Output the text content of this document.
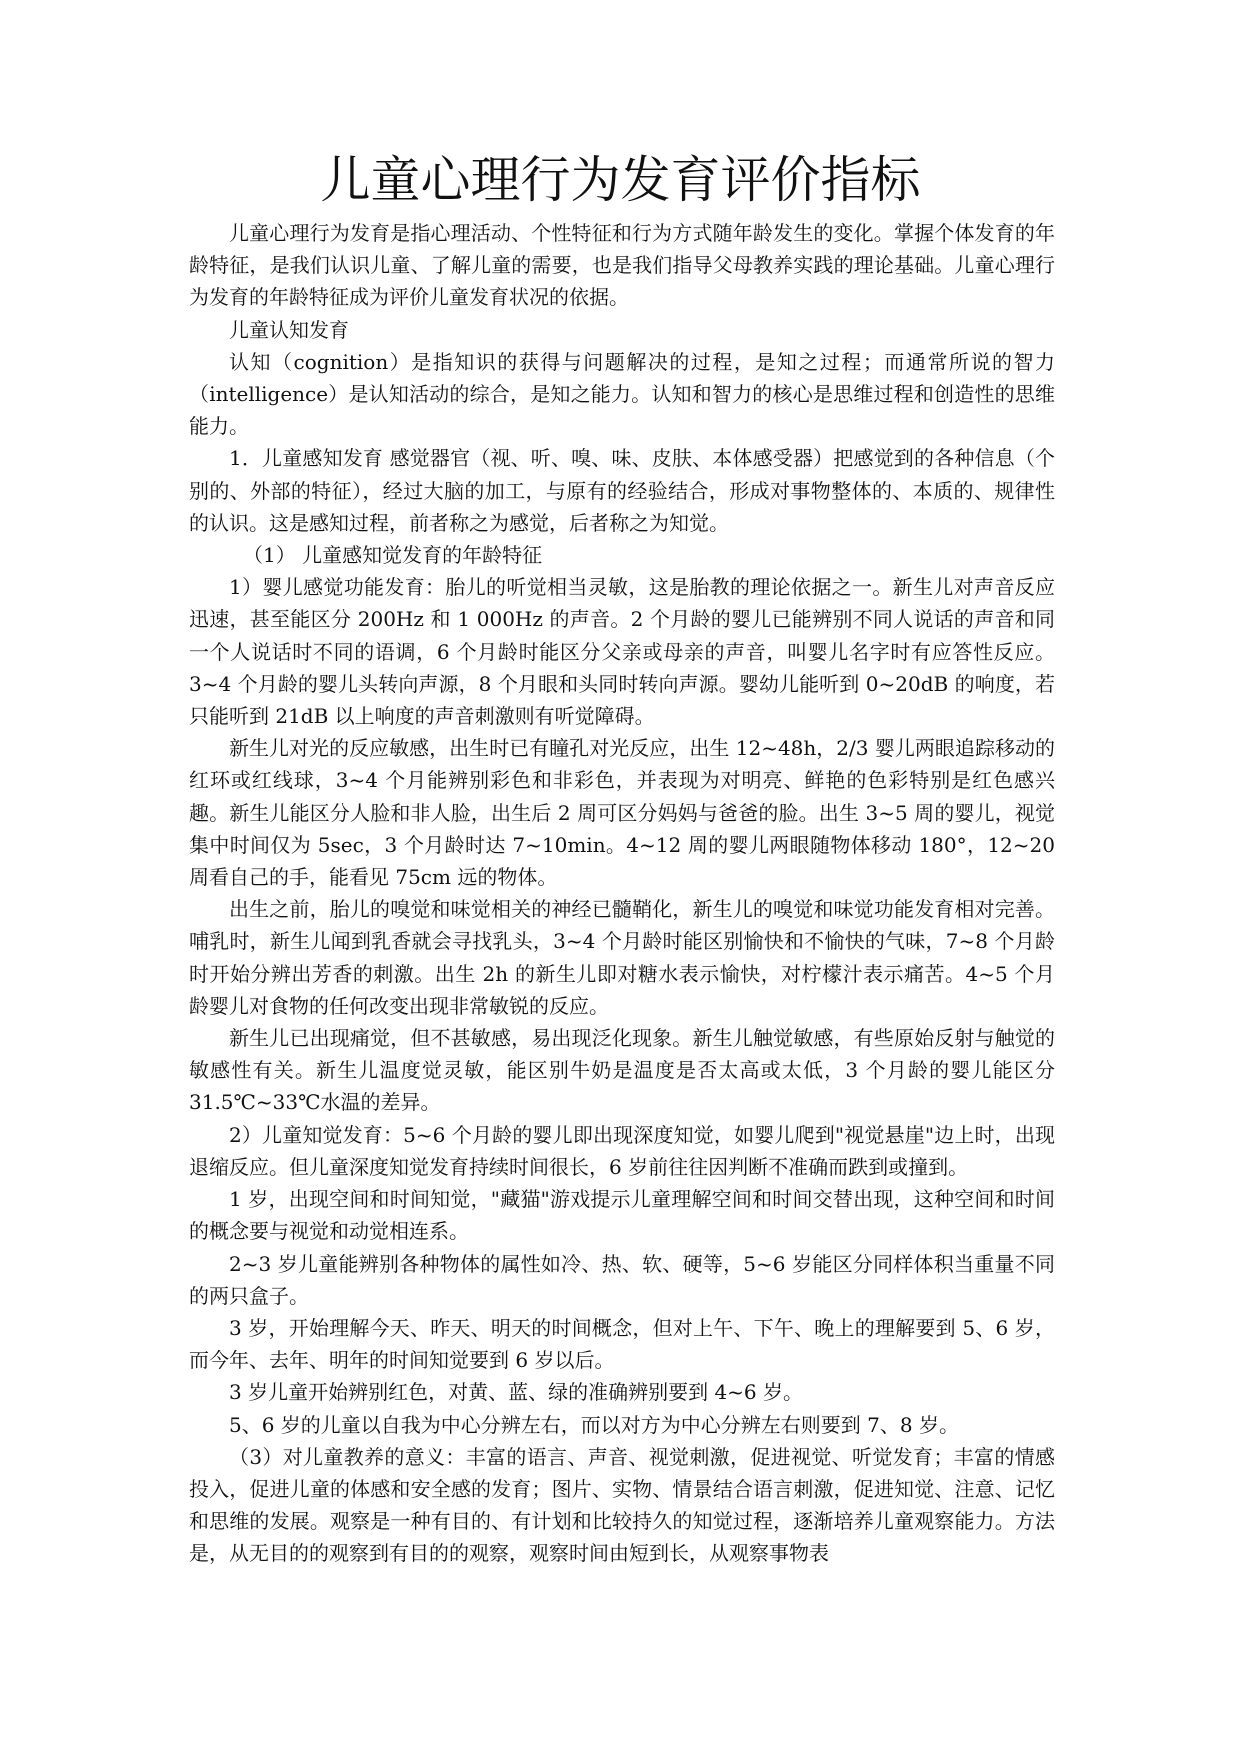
儿童心理行为发育评价指标

儿童心理行为发育是指心理活动、个性特征和行为方式随年龄发生的变化。掌握个体发育的年龄特征，是我们认识儿童、了解儿童的需要，也是我们指导父母教养实践的理论基础。儿童心理行为发育的年龄特征成为评价儿童发育状况的依据。

儿童认知发育

认知（cognition）是指知识的获得与问题解决的过程，是知之过程；而通常所说的智力（intelligence）是认知活动的综合，是知之能力。认知和智力的核心是思维过程和创造性的思维能力。

1．儿童感知发育 感觉器官（视、听、嗅、味、皮肤、本体感受器）把感觉到的各种信息（个别的、外部的特征），经过大脑的加工，与原有的经验结合，形成对事物整体的、本质的、规律性的认识。这是感知过程，前者称之为感觉，后者称之为知觉。

（1） 儿童感知觉发育的年龄特征

1）婴儿感觉功能发育：胎儿的听觉相当灵敏，这是胎教的理论依据之一。新生儿对声音反应迅速，甚至能区分 200Hz 和 1 000Hz 的声音。2 个月龄的婴儿已能辨别不同人说话的声音和同一个人说话时不同的语调，6 个月龄时能区分父亲或母亲的声音，叫婴儿名字时有应答性反应。3~4 个月龄的婴儿头转向声源，8 个月眼和头同时转向声源。婴幼儿能听到 0~20dB 的响度，若只能听到 21dB 以上响度的声音刺激则有听觉障碍。

新生儿对光的反应敏感，出生时已有瞳孔对光反应，出生 12~48h，2/3 婴儿两眼追踪移动的红环或红线球，3~4 个月能辨别彩色和非彩色，并表现为对明亮、鲜艳的色彩特别是红色感兴趣。新生儿能区分人脸和非人脸，出生后 2 周可区分妈妈与爸爸的脸。出生 3~5 周的婴儿，视觉集中时间仅为 5sec，3 个月龄时达 7~10min。4~12 周的婴儿两眼随物体移动 180°，12~20 周看自己的手，能看见 75cm 远的物体。

出生之前，胎儿的嗅觉和味觉相关的神经已髓鞘化，新生儿的嗅觉和味觉功能发育相对完善。哺乳时，新生儿闻到乳香就会寻找乳头，3~4 个月龄时能区别愉快和不愉快的气味，7~8 个月龄时开始分辨出芳香的刺激。出生 2h 的新生儿即对糖水表示愉快，对柠檬汁表示痛苦。4~5 个月龄婴儿对食物的任何改变出现非常敏锐的反应。

新生儿已出现痛觉，但不甚敏感，易出现泛化现象。新生儿触觉敏感，有些原始反射与触觉的敏感性有关。新生儿温度觉灵敏，能区别牛奶是温度是否太高或太低，3 个月龄的婴儿能区分 31.5℃~33℃水温的差异。

2）儿童知觉发育：5~6 个月龄的婴儿即出现深度知觉，如婴儿爬到"视觉悬崖"边上时，出现退缩反应。但儿童深度知觉发育持续时间很长，6 岁前往往因判断不准确而跌到或撞到。

1 岁，出现空间和时间知觉，"藏猫"游戏提示儿童理解空间和时间交替出现，这种空间和时间的概念要与视觉和动觉相连系。

2~3 岁儿童能辨别各种物体的属性如冷、热、软、硬等，5~6 岁能区分同样体积当重量不同的两只盒子。

3 岁，开始理解今天、昨天、明天的时间概念，但对上午、下午、晚上的理解要到 5、6 岁，而今年、去年、明年的时间知觉要到 6 岁以后。

3 岁儿童开始辨别红色，对黄、蓝、绿的准确辨别要到 4~6 岁。

5、6 岁的儿童以自我为中心分辨左右，而以对方为中心分辨左右则要到 7、8 岁。

（3）对儿童教养的意义：丰富的语言、声音、视觉刺激，促进视觉、听觉发育；丰富的情感投入，促进儿童的体感和安全感的发育；图片、实物、情景结合语言刺激，促进知觉、注意、记忆和思维的发展。观察是一种有目的、有计划和比较持久的知觉过程，逐渐培养儿童观察能力。方法是，从无目的的观察到有目的的观察，观察时间由短到长，从观察事物表
